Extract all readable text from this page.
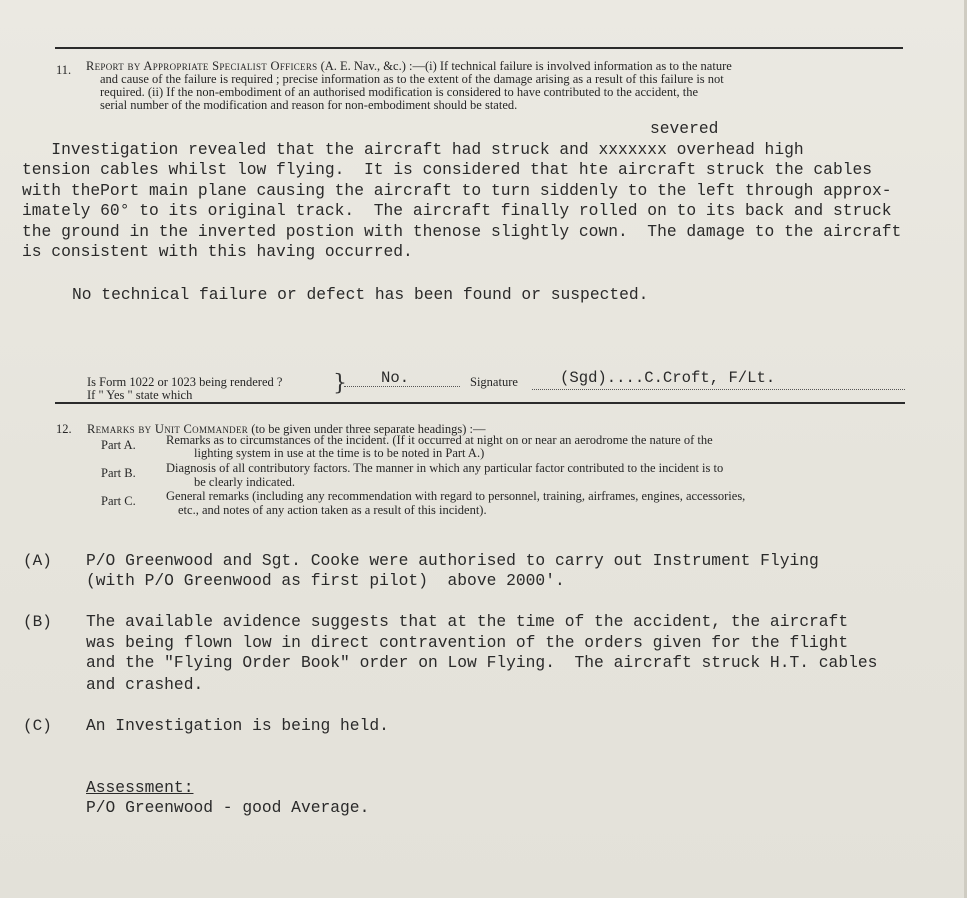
11. Report by Appropriate Specialist Officers (A. E. Nav., &c.) :—(i) If technical failure is involved information as to the nature
and cause of the failure is required ; precise information as to the extent of the damage arising as a result of this failure is not
required. (ii) If the non-embodiment of an authorised modification is considered to have contributed to the accident, the
serial number of the modification and reason for non-embodiment should be stated.
severed
Investigation revealed that the aircraft had struck and xxxxxxx overhead high
tension cables whilst low flying.  It is considered that hte aircraft struck the cables
with thePort main plane causing the aircraft to turn siddenly to the left through approx-
imately 60° to its original track.  The aircraft finally rolled on to its back and struck
the ground in the inverted postion with thenose slightly cown.  The damage to the aircraft
is consistent with this having occurred.
No technical failure or defect has been found or suspected.
Is Form 1022 or 1023 being rendered ?
If " Yes " state which	} No.	Signature	(Sgd)....C.Croft, F/Lt.
12. Remarks by Unit Commander (to be given under three separate headings) :—
Part A. Remarks as to circumstances of the incident. (If it occurred at night on or near an aerodrome the nature of the
lighting system in use at the time is to be noted in Part A.)
Part B. Diagnosis of all contributory factors. The manner in which any particular factor contributed to the incident is to
be clearly indicated.
Part C. General remarks (including any recommendation with regard to personnel, training, airframes, engines, accessories,
etc., and notes of any action taken as a result of this incident).
(A) P/O Greenwood and Sgt. Cooke were authorised to carry out Instrument Flying
(with P/O Greenwood as first pilot)  above 2000'.
(B) The available avidence suggests that at the time of the accident, the aircraft
was being flown low in direct contravention of the orders given for the flight
and the "Flying Order Book" order on Low Flying.  The aircraft struck H.T. cables
and crashed.
(C) An Investigation is being held.
Assessment:
P/O Greenwood - good Average.
